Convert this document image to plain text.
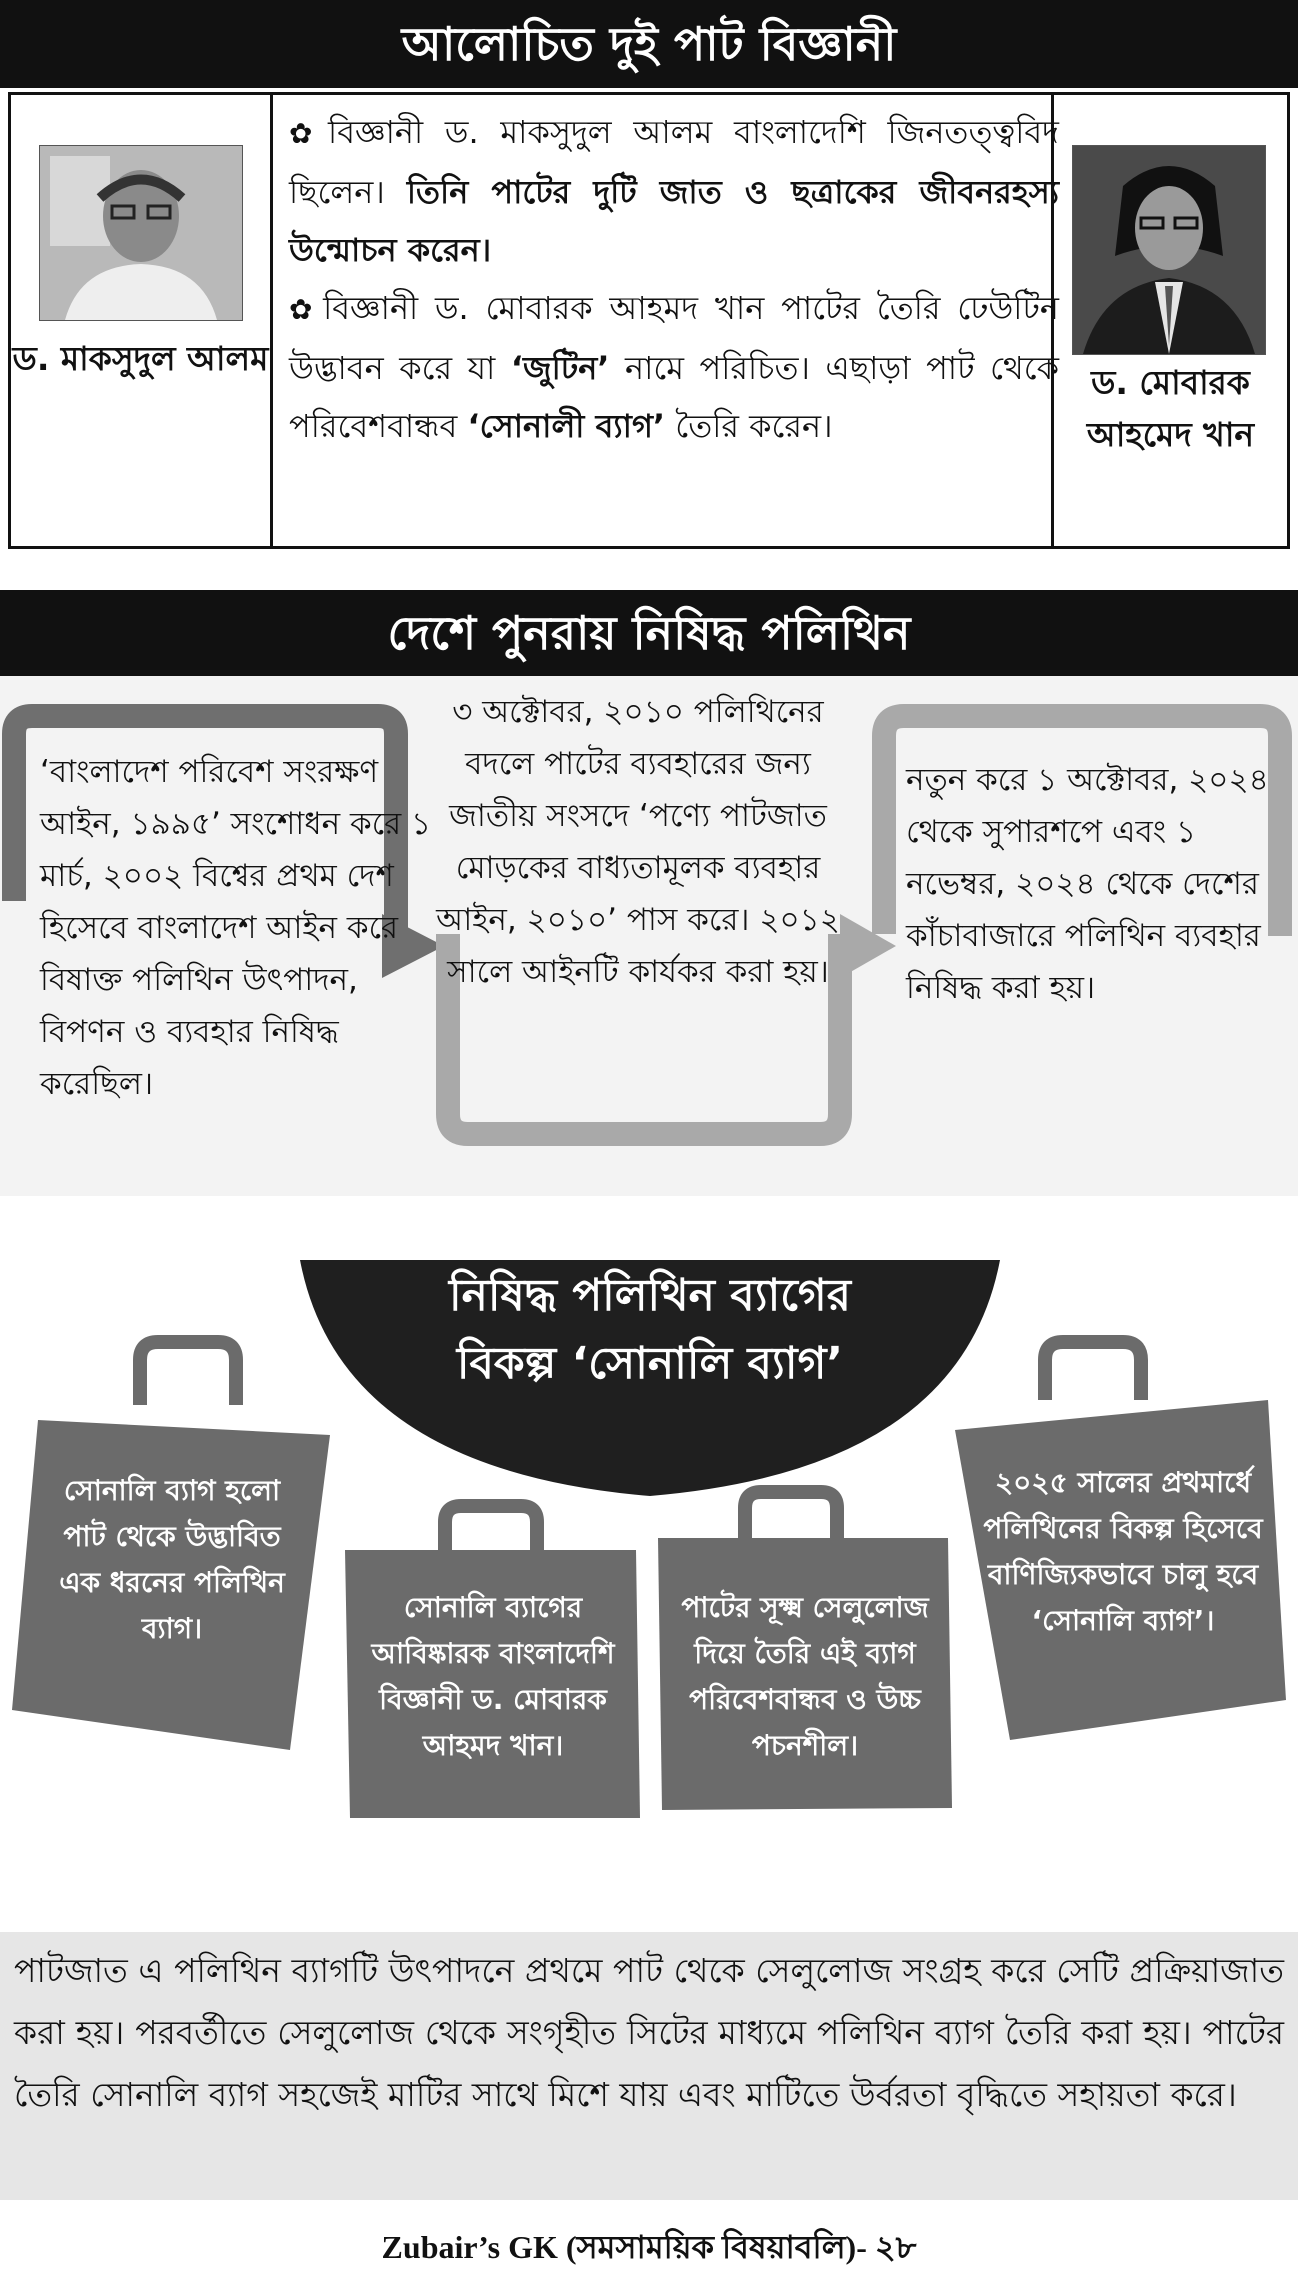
আলোচিত দুই পাট বিজ্ঞানী
ড. মাকসুদুল আলম

✿ বিজ্ঞানী ড. মাকসুদুল আলম বাংলাদেশি জিনতত্ত্ববিদ ছিলেন। তিনি পাটের দুটি জাত ও ছত্রাকের জীবনরহস্য উন্মোচন করেন।

✿ বিজ্ঞানী ড. মোবারক আহমদ খান পাটের তৈরি ঢেউটিন উদ্ভাবন করে যা ‘জুটিন’ নামে পরিচিত। এছাড়া পাট থেকে পরিবেশবান্ধব ‘সোনালী ব্যাগ’ তৈরি করেন।

ড. মোবারক আহমেদ খান
দেশে পুনরায় নিষিদ্ধ পলিথিন
‘বাংলাদেশ পরিবেশ সংরক্ষণ আইন, ১৯৯৫’ সংশোধন করে ১ মার্চ, ২০০২ বিশ্বের প্রথম দেশ হিসেবে বাংলাদেশ আইন করে বিষাক্ত পলিথিন উৎপাদন, বিপণন ও ব্যবহার নিষিদ্ধ করেছিল।
৩ অক্টোবর, ২০১০ পলিথিনের বদলে পাটের ব্যবহারের জন্য জাতীয় সংসদে ‘পণ্যে পাটজাত মোড়কের বাধ্যতামূলক ব্যবহার আইন, ২০১০’ পাস করে। ২০১২ সালে আইনটি কার্যকর করা হয়।
নতুন করে ১ অক্টোবর, ২০২৪ থেকে সুপারশপে এবং ১ নভেম্বর, ২০২৪ থেকে দেশের কাঁচাবাজারে পলিথিন ব্যবহার নিষিদ্ধ করা হয়।
নিষিদ্ধ পলিথিন ব্যাগের
বিকল্প ‘সোনালি ব্যাগ’
সোনালি ব্যাগ হলো পাট থেকে উদ্ভাবিত এক ধরনের পলিথিন ব্যাগ।
সোনালি ব্যাগের আবিষ্কারক বাংলাদেশি বিজ্ঞানী ড. মোবারক আহমদ খান।
পাটের সূক্ষ্ম সেলুলোজ দিয়ে তৈরি এই ব্যাগ পরিবেশবান্ধব ও উচ্চ পচনশীল।
২০২৫ সালের প্রথমার্ধে পলিথিনের বিকল্প হিসেবে বাণিজ্যিকভাবে চালু হবে ‘সোনালি ব্যাগ’।
পাটজাত এ পলিথিন ব্যাগটি উৎপাদনে প্রথমে পাট থেকে সেলুলোজ সংগ্রহ করে সেটি প্রক্রিয়াজাত করা হয়। পরবর্তীতে সেলুলোজ থেকে সংগৃহীত সিটের মাধ্যমে পলিথিন ব্যাগ তৈরি করা হয়। পাটের তৈরি সোনালি ব্যাগ সহজেই মাটির সাথে মিশে যায় এবং মাটিতে উর্বরতা বৃদ্ধিতে সহায়তা করে।
Zubair’s GK (সমসাময়িক বিষয়াবলি)- ২৮
